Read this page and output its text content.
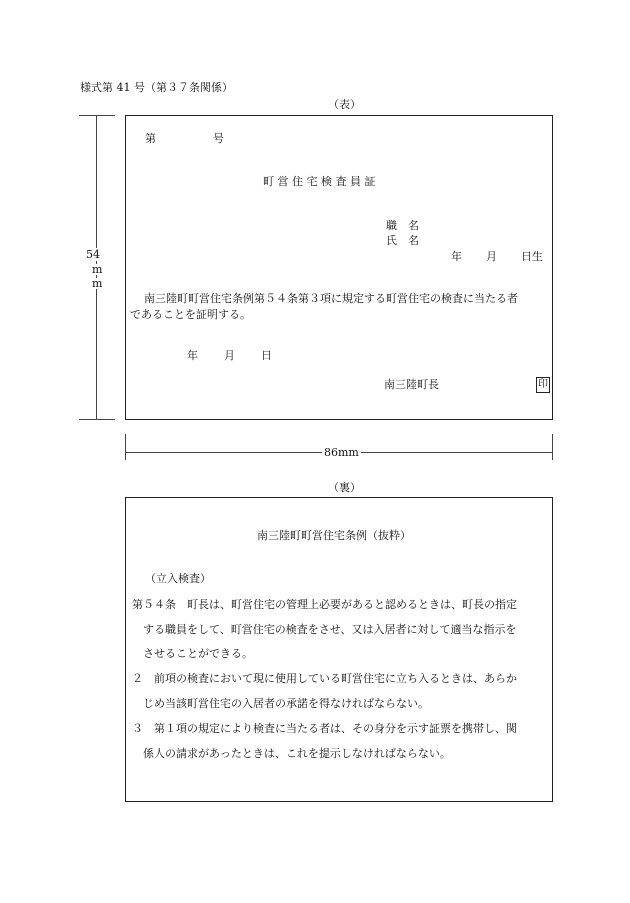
様式第 41 号（第３７条関係）
（表）
54
m
m
第	号
町 営 住 宅 検 査 員 証
職　名
氏　名
年 月 日生
南三陸町町営住宅条例第５４条第３項に規定する町営住宅の検査に当たる者
であることを証明する。
年 月 日
南三陸町長	印
86mm
（裏）
南三陸町町営住宅条例（抜粋）
（立入検査）
第５４条　町長は、町営住宅の管理上必要があると認めるときは、町長の指定
　する職員をして、町営住宅の検査をさせ、又は入居者に対して適当な指示を
　させることができる。
２　前項の検査において現に使用している町営住宅に立ち入るときは、あらか
　じめ当該町営住宅の入居者の承諾を得なければならない。
３　第１項の規定により検査に当たる者は、その身分を示す証票を携帯し、関
　係人の請求があったときは、これを提示しなければならない。
